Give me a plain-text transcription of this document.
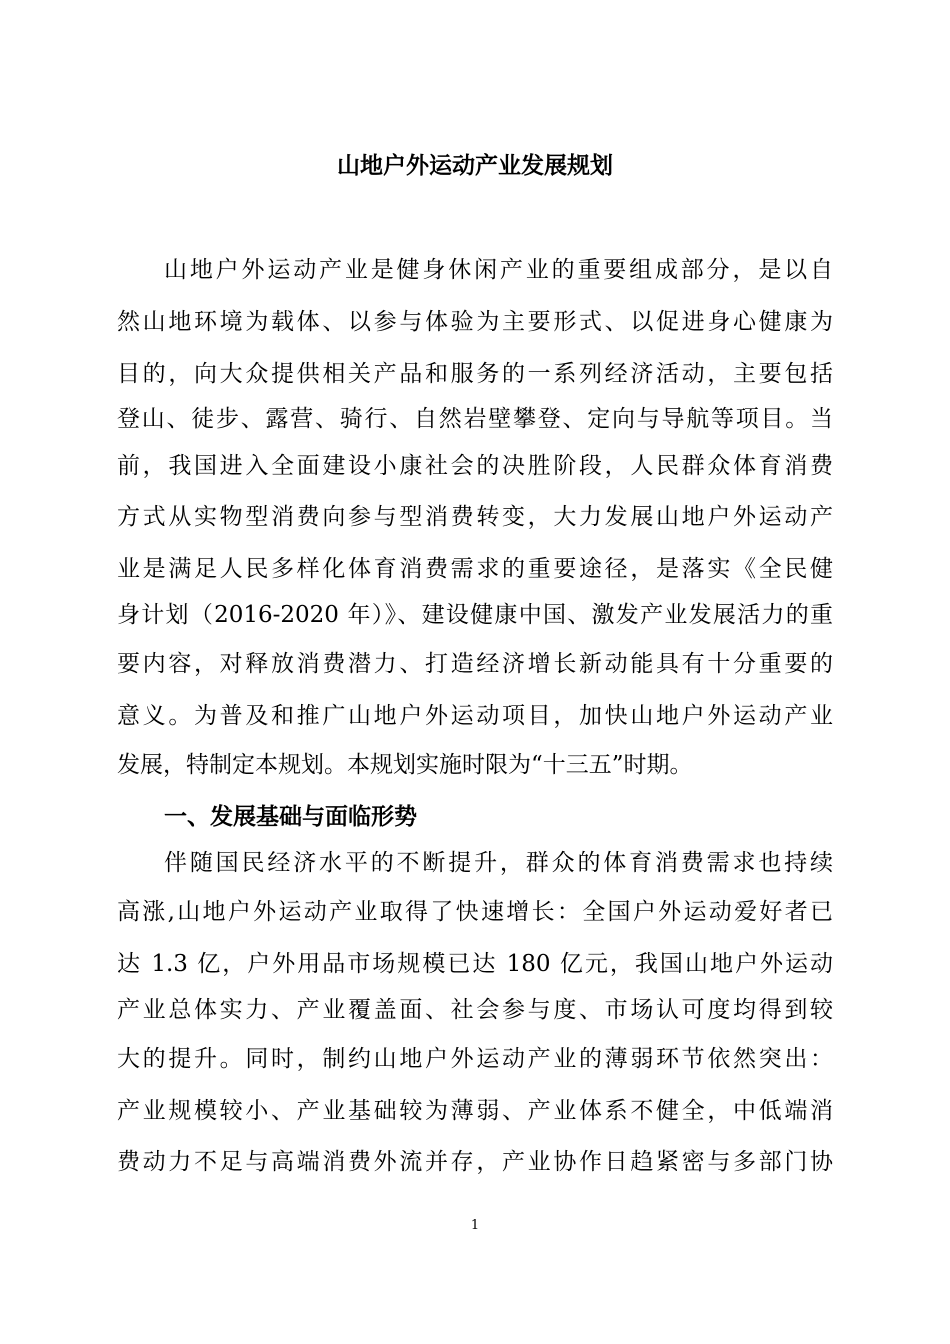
山地户外运动产业发展规划
山地户外运动产业是健身休闲产业的重要组成部分，是以自
然山地环境为载体、以参与体验为主要形式、以促进身心健康为
目的，向大众提供相关产品和服务的一系列经济活动，主要包括
登山、徒步、露营、骑行、自然岩壁攀登、定向与导航等项目。当
前，我国进入全面建设小康社会的决胜阶段，人民群众体育消费
方式从实物型消费向参与型消费转变，大力发展山地户外运动产
业是满足人民多样化体育消费需求的重要途径，是落实《全民健
身计划（2016-2020 年）》、建设健康中国、激发产业发展活力的重
要内容，对释放消费潜力、打造经济增长新动能具有十分重要的
意义。为普及和推广山地户外运动项目，加快山地户外运动产业
发展，特制定本规划。本规划实施时限为“十三五”时期。
一、发展基础与面临形势
伴随国民经济水平的不断提升，群众的体育消费需求也持续
高涨,山地户外运动产业取得了快速增长：全国户外运动爱好者已
达 1.3 亿，户外用品市场规模已达 180 亿元，我国山地户外运动
产业总体实力、产业覆盖面、社会参与度、市场认可度均得到较
大的提升。同时，制约山地户外运动产业的薄弱环节依然突出：
产业规模较小、产业基础较为薄弱、产业体系不健全，中低端消
费动力不足与高端消费外流并存，产业协作日趋紧密与多部门协
1
